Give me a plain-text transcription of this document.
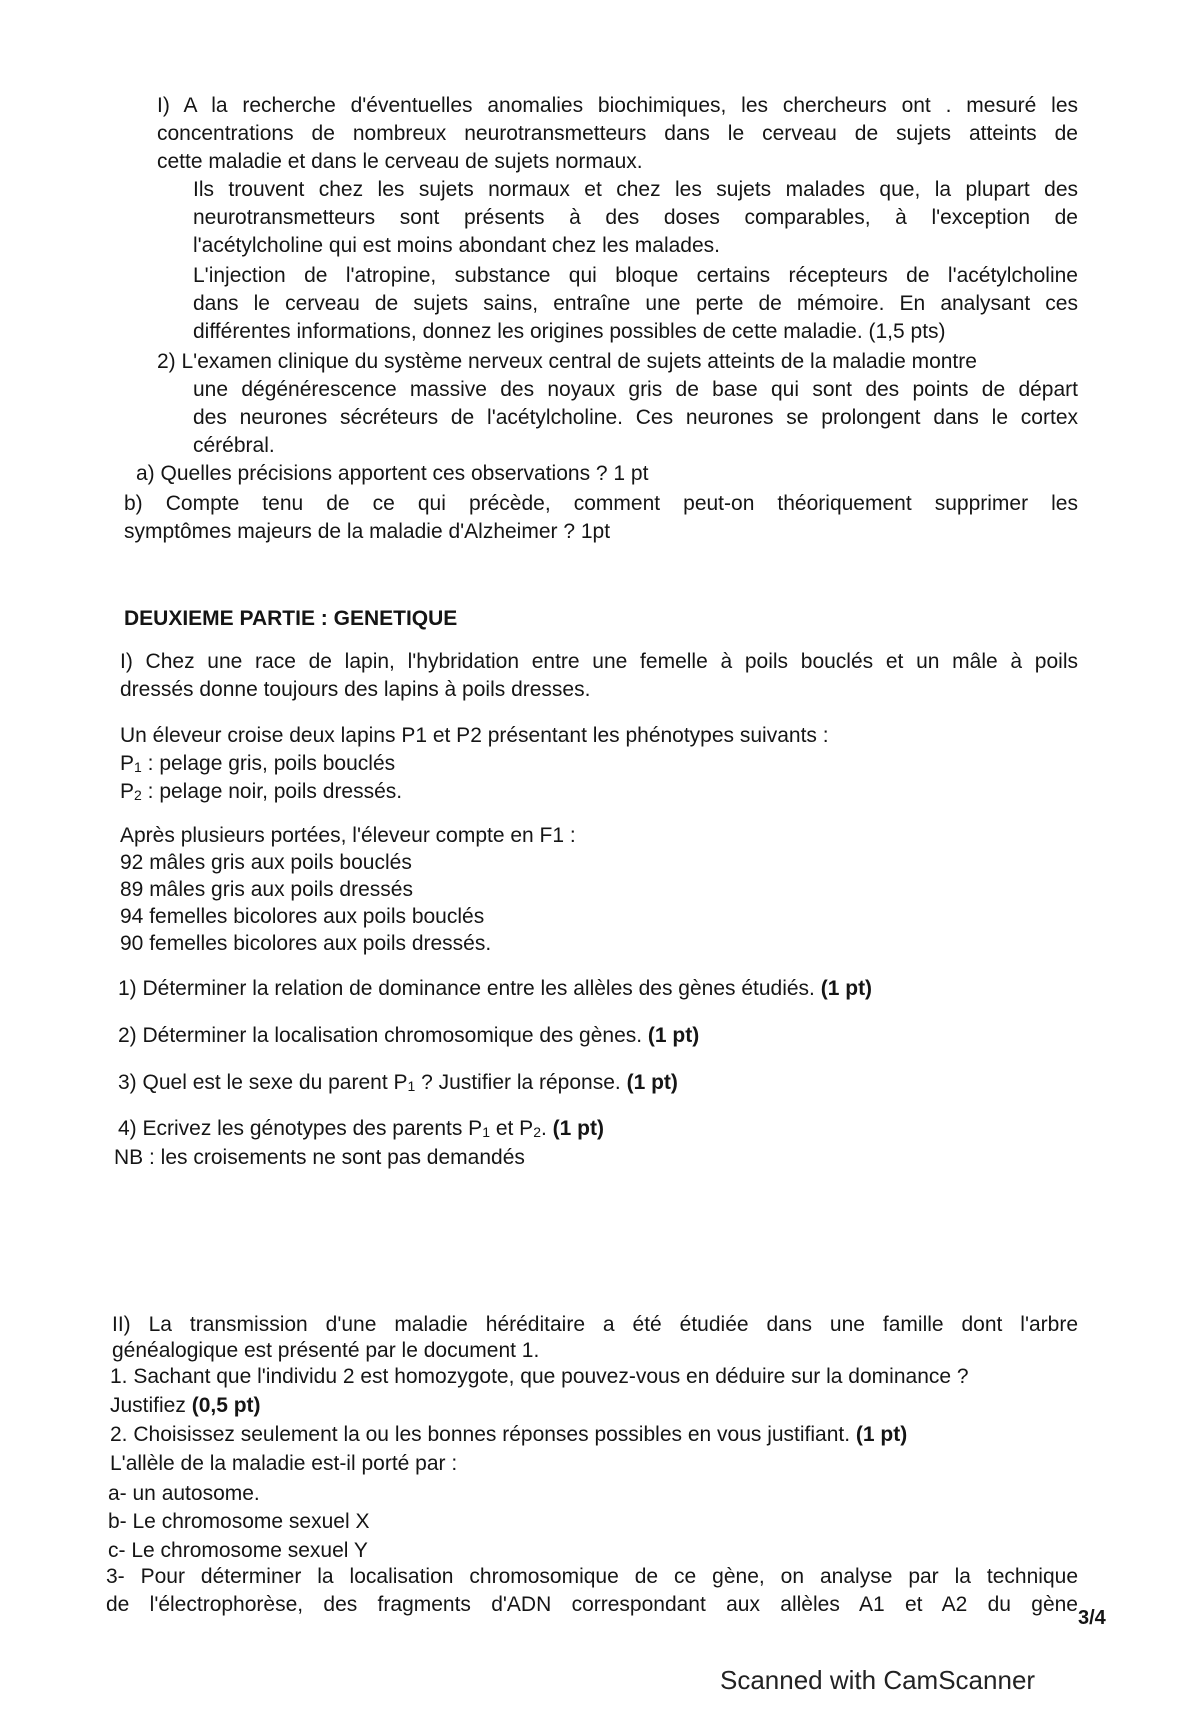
I) A la recherche d'éventuelles anomalies biochimiques, les chercheurs ont . mesuré les
concentrations de nombreux neurotransmetteurs dans le cerveau de sujets atteints de
cette maladie et dans le cerveau de sujets normaux.
Ils trouvent chez les sujets normaux et chez les sujets malades que, la plupart des
neurotransmetteurs sont présents à des doses comparables, à l'exception de
l'acétylcholine qui est moins abondant chez les malades.
L'injection de l'atropine, substance qui bloque certains récepteurs de l'acétylcholine
dans le cerveau de sujets sains, entraîne une perte de mémoire. En analysant ces
différentes informations, donnez les origines possibles de cette maladie. (1,5 pts)
2) L'examen clinique du système nerveux central de sujets atteints de la maladie montre
une dégénérescence massive des noyaux gris de base qui sont des points de départ
des neurones sécréteurs de l'acétylcholine. Ces neurones se prolongent dans le cortex
cérébral.
a) Quelles précisions apportent ces observations ? 1 pt
b) Compte tenu de ce qui précède, comment peut-on théoriquement supprimer les
symptômes majeurs de la maladie d'Alzheimer ? 1pt
DEUXIEME PARTIE : GENETIQUE
I) Chez une race de lapin, l'hybridation entre une femelle à poils bouclés et un mâle à poils
dressés donne toujours des lapins à poils dresses.
Un éleveur croise deux lapins P1 et P2 présentant les phénotypes suivants :
$P_1$ : pelage gris, poils bouclés
$P_2$ : pelage noir, poils dressés.
Après plusieurs portées, l'éleveur compte en F1 :
92 mâles gris aux poils bouclés
89 mâles gris aux poils dressés
94 femelles bicolores aux poils bouclés
90 femelles bicolores aux poils dressés.
1) Déterminer la relation de dominance entre les allèles des gènes étudiés. (1 pt)
2) Déterminer la localisation chromosomique des gènes. (1 pt)
3) Quel est le sexe du parent $P_1$ ? Justifier la réponse. (1 pt)
4) Ecrivez les génotypes des parents $P_1$ et $P_2$. (1 pt)
NB : les croisements ne sont pas demandés
II) La transmission d'une maladie héréditaire a été étudiée dans une famille dont l'arbre
généalogique est présenté par le document 1.
1. Sachant que l'individu 2 est homozygote, que pouvez-vous en déduire sur la dominance ?
Justifiez (0,5 pt)
2. Choisissez seulement la ou les bonnes réponses possibles en vous justifiant. (1 pt)
L'allèle de la maladie est-il porté par :
a- un autosome.
b- Le chromosome sexuel X
c- Le chromosome sexuel Y
3- Pour déterminer la localisation chromosomique de ce gène, on analyse par la technique
de l'électrophorèse, des fragments d'ADN correspondant aux allèles A1 et A2 du gène
3/4
Scanned with CamScanner
